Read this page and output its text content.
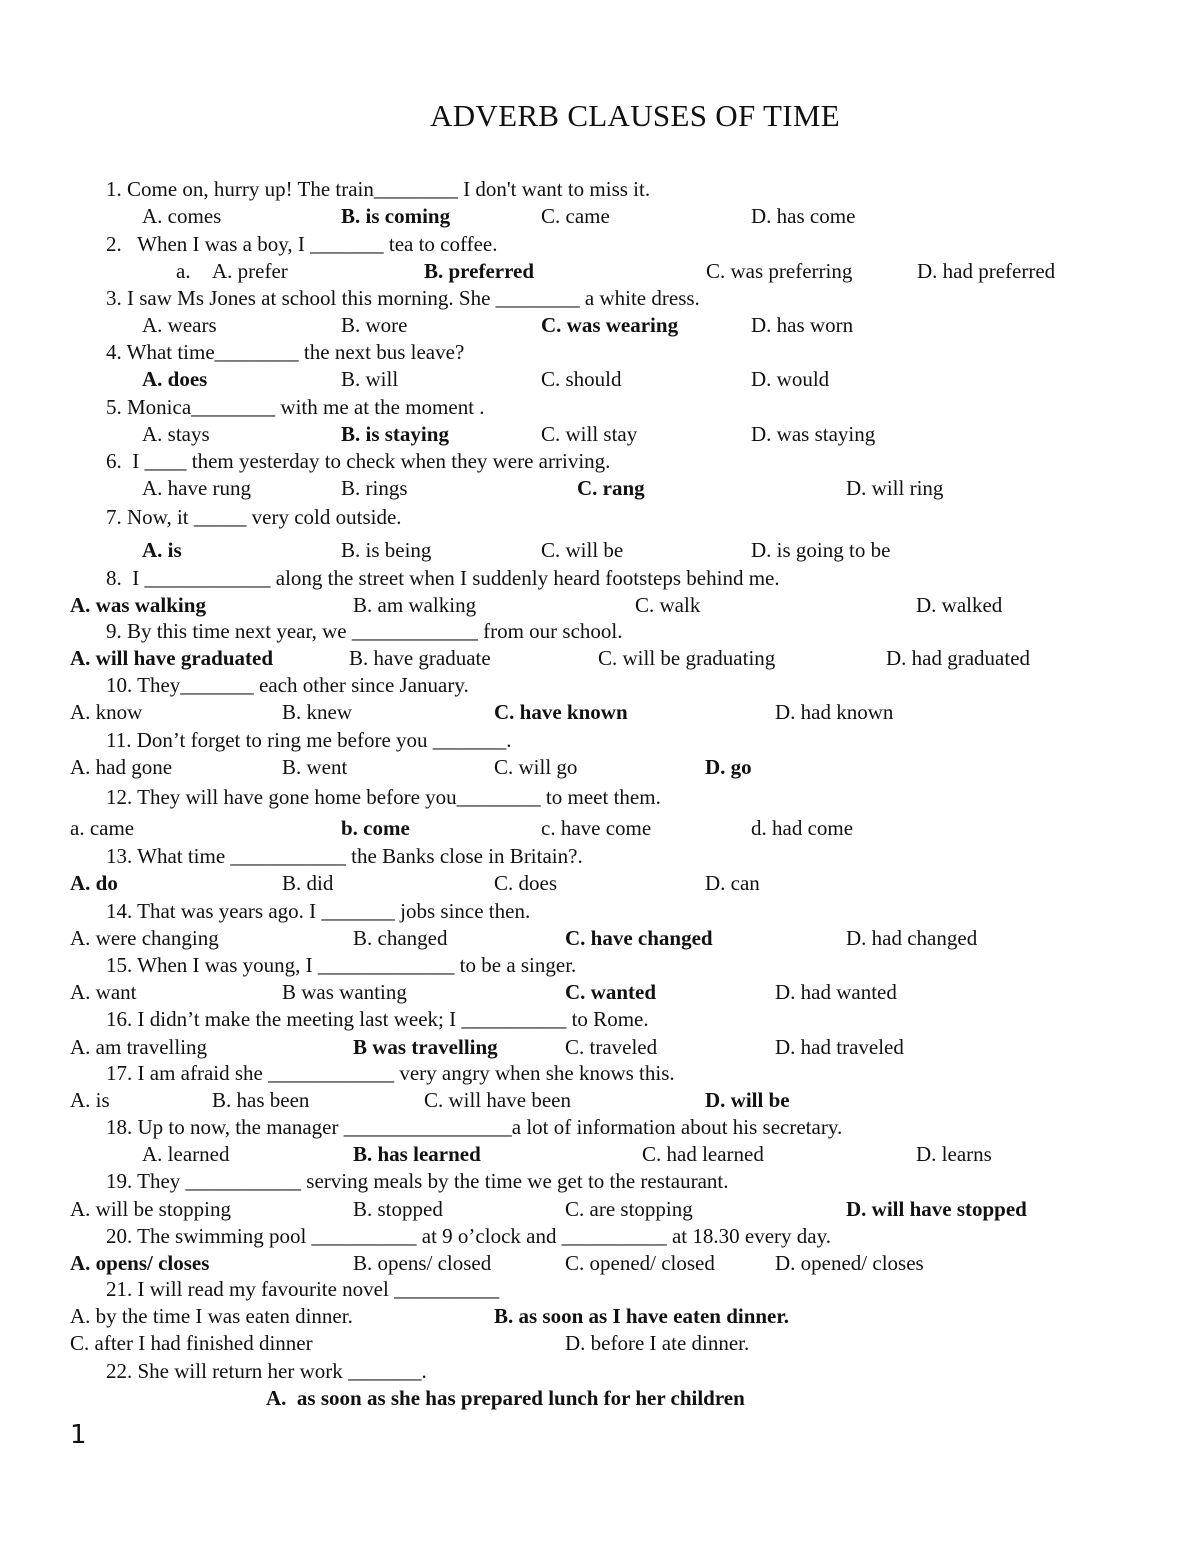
ADVERB CLAUSES OF TIME
1. Come on, hurry up! The train________ I don't want to miss it.
A. comes	B. is coming	C. came	D. has come
2.   When I was a boy, I _______ tea to coffee.
a. A. prefer	B. preferred	C. was preferring	D. had preferred
3. I saw Ms Jones at school this morning. She ________ a white dress.
A. wears	B. wore	C. was wearing	D. has worn
4. What time________ the next bus leave?
A. does	B. will	C. should	D. would
5. Monica________ with me at the moment .
A. stays	B. is staying	C. will stay	D. was staying
6.  I ____ them yesterday to check when they were arriving.
A. have rung	B. rings	C. rang	D. will ring
7. Now, it _____ very cold outside.
A. is	B. is being	C. will be	D. is going to be
8.  I ____________ along the street when I suddenly heard footsteps behind me.
A. was walking	B. am walking	C. walk	D. walked
9. By this time next year, we ____________ from our school.
A. will have graduated	B. have graduate	C. will be graduating	D. had graduated
10. They_______ each other since January.
A. know	B. knew	C. have known	D. had known
11. Don’t forget to ring me before you _______.
A. had gone	B. went	C. will go	D. go
12. They will have gone home before you________ to meet them.
a. came	b. come	c. have come	d. had come
13. What time ___________ the Banks close in Britain?.
A. do	B. did	C. does	D. can
14. That was years ago. I _______ jobs since then.
A. were changing	B. changed	C. have changed	D. had changed
15. When I was young, I _____________ to be a singer.
A. want	B was wanting	C. wanted	D. had wanted
16. I didn’t make the meeting last week; I __________ to Rome.
A. am travelling	B was travelling	C. traveled	D. had traveled
17. I am afraid she ____________ very angry when she knows this.
A. is	B. has been	C. will have been	D. will be
18. Up to now, the manager ________________a lot of information about his secretary.
A. learned	B. has learned	C. had learned	D. learns
19. They ___________ serving meals by the time we get to the restaurant.
A. will be stopping	B. stopped	C. are stopping	D. will have stopped
20. The swimming pool __________ at 9 o’clock and __________ at 18.30 every day.
A. opens/ closes	B. opens/ closed	C. opened/ closed	D. opened/ closes
21. I will read my favourite novel __________
A. by the time I was eaten dinner.	B. as soon as I have eaten dinner.
C. after I had finished dinner	D. before I ate dinner.
22. She will return her work _______.
A.  as soon as she has prepared lunch for her children
1
